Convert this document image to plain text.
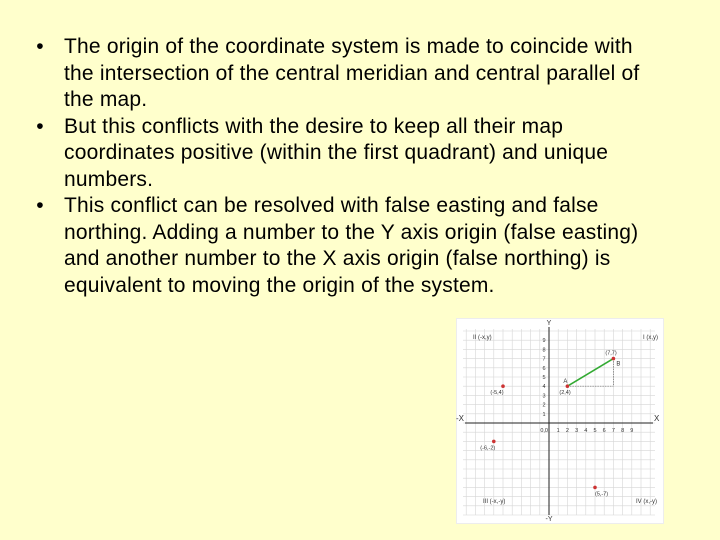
• The origin of the coordinate system is made to coincide with the intersection of the central meridian and central parallel of the map.
• But this conflicts with the desire to keep all their map coordinates positive (within the first quadrant) and unique numbers.
• This conflict can be resolved with false easting and false northing. Adding a number to the Y axis origin (false easting) and another number to the X axis origin (false northing) is equivalent to moving the origin of the system.
1
2
3
4
5
6
7
8
9
1 2 3 4 5 6 7 8 9
Y
-Y
X
-X
0,0
I (x,y)
II (-x,y)
III (-x,-y)	IV (x,-y)
A
(2,4)
B
(7,7)
(-5,4)
(-6,-2)
(5,-7)
